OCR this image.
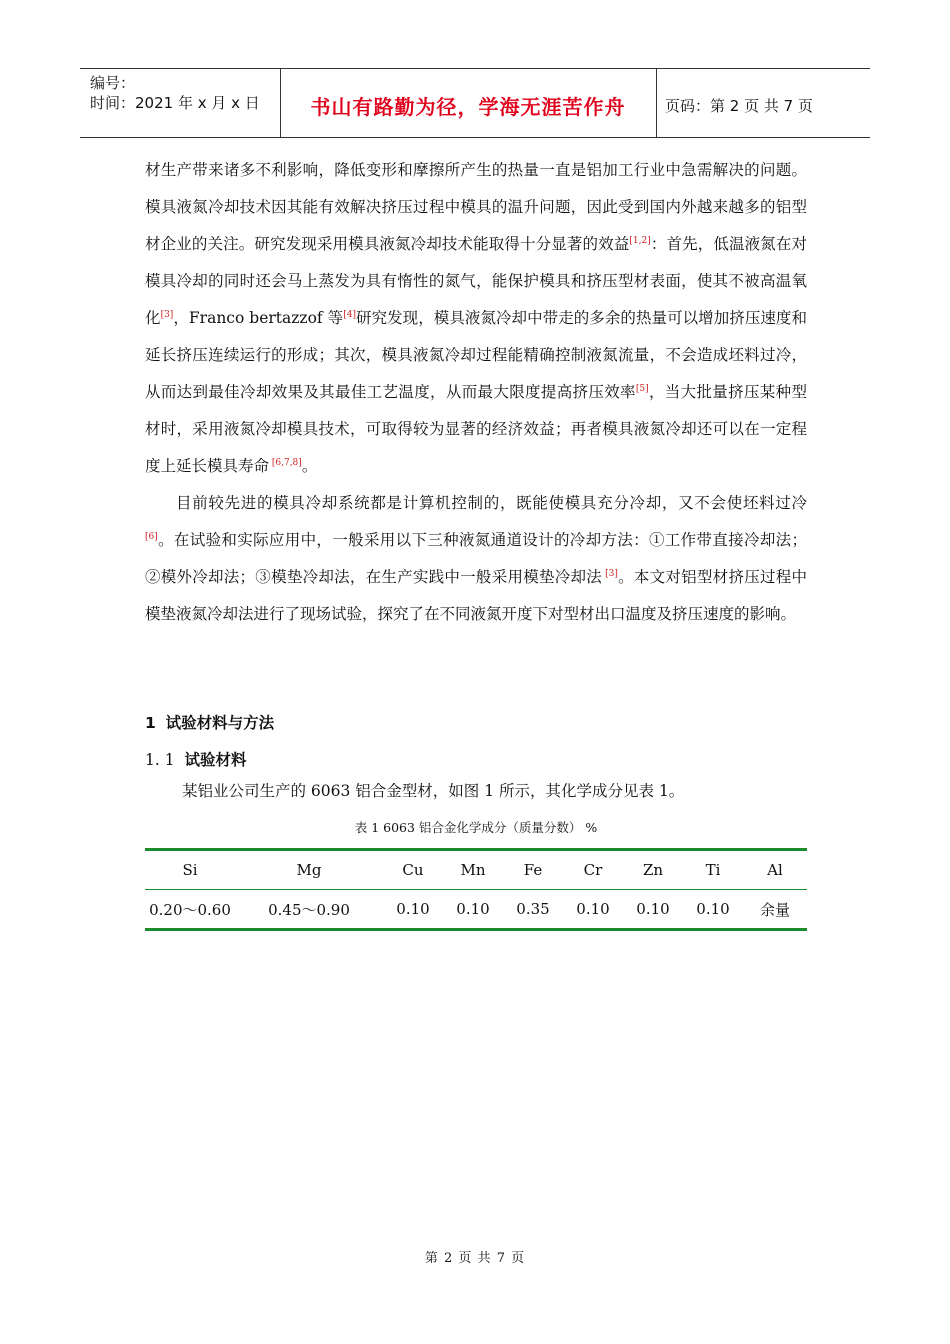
编号：
时间：2021 年 x 月 x 日	书山有路勤为径，学海无涯苦作舟	页码：第 2 页 共 7 页

材生产带来诸多不利影响，降低变形和摩擦所产生的热量一直是铝加工行业中急需解决的问题。模具液氮冷却技术因其能有效解决挤压过程中模具的温升问题，因此受到国内外越来越多的铝型材企业的关注。研究发现采用模具液氮冷却技术能取得十分显著的效益[1,2]：首先，低温液氮在对模具冷却的同时还会马上蒸发为具有惰性的氮气，能保护模具和挤压型材表面，使其不被高温氧化[3]，Franco bertazzof 等[4]研究发现，模具液氮冷却中带走的多余的热量可以增加挤压速度和延长挤压连续运行的形成；其次，模具液氮冷却过程能精确控制液氮流量，不会造成坯料过冷，从而达到最佳冷却效果及其最佳工艺温度，从而最大限度提高挤压效率[5]，当大批量挤压某种型材时，采用液氮冷却模具技术，可取得较为显著的经济效益；再者模具液氮冷却还可以在一定程度上延长模具寿命 [6,7,8]。

目前较先进的模具冷却系统都是计算机控制的，既能使模具充分冷却，又不会使坯料过冷[6]。在试验和实际应用中，一般采用以下三种液氮通道设计的冷却方法：①工作带直接冷却法；②模外冷却法；③模垫冷却法，在生产实践中一般采用模垫冷却法 [3]。本文对铝型材挤压过程中模垫液氮冷却法进行了现场试验，探究了在不同液氮开度下对型材出口温度及挤压速度的影响。

1 试验材料与方法
1. 1 试验材料
某铝业公司生产的 6063 铝合金型材，如图 1 所示，其化学成分见表 1。
表 1 6063 铝合金化学成分（质量分数） %
Si	Mg	Cu	Mn	Fe	Cr	Zn	Ti	Al
0.20～0.60	0.45～0.90	0.10	0.10	0.35	0.10	0.10	0.10	余量
第 2 页 共 7 页
